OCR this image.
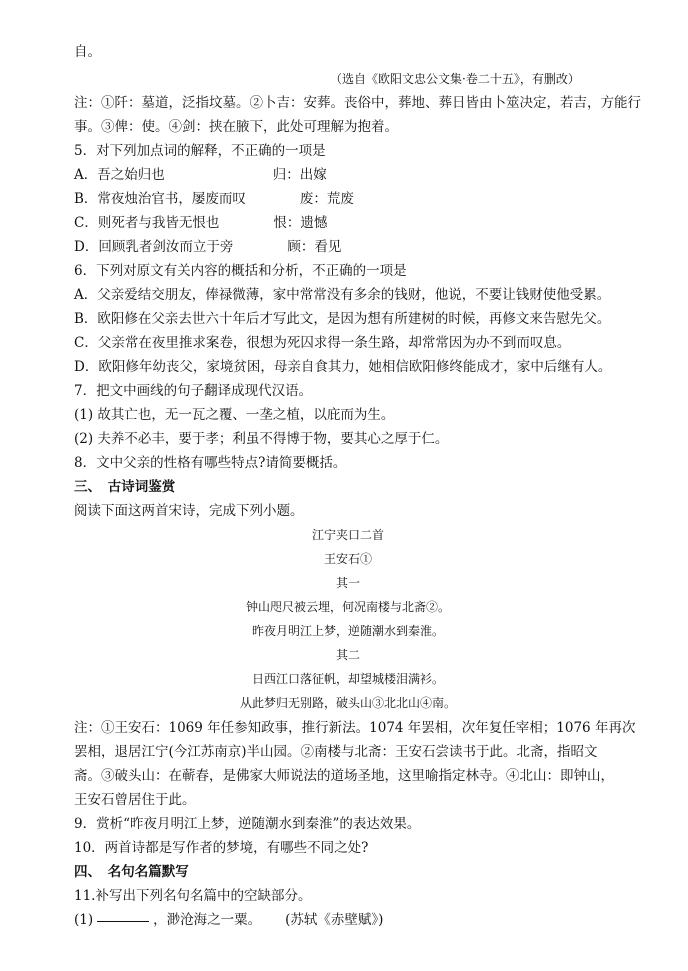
自。
（选自《欧阳文忠公文集·卷二十五》，有删改）
注：①阡：墓道，泛指坟墓。②卜吉：安葬。丧俗中，葬地、葬日皆由卜筮决定，若吉，方能行
事。③俾：使。④剑：挟在腋下，此处可理解为抱着。
5．对下列加点词的解释，不正确的一项是
A．吾之始归也　　　　　　　　归：出嫁
B．常夜烛治官书，屡废而叹　　　　废：荒废
C．则死者与我皆无恨也　　　　恨：遗憾
D．回顾乳者剑汝而立于旁　　　　顾：看见
6．下列对原文有关内容的概括和分析，不正确的一项是
A．父亲爱结交朋友，俸禄微薄，家中常常没有多余的钱财，他说，不要让钱财使他受累。
B．欧阳修在父亲去世六十年后才写此文，是因为想有所建树的时候，再修文来告慰先父。
C．父亲常在夜里推求案卷，很想为死囚求得一条生路，却常常因为办不到而叹息。
D．欧阳修年幼丧父，家境贫困，母亲自食其力，她相信欧阳修终能成才，家中后继有人。
7．把文中画线的句子翻译成现代汉语。
(1) 故其亡也，无一瓦之覆、一垄之植，以庇而为生。
(2) 夫养不必丰，要于孝；利虽不得博于物，要其心之厚于仁。
8．文中父亲的性格有哪些特点?请简要概括。
三、　古诗词鉴赏
阅读下面这两首宋诗，完成下列小题。
江宁夹口二首
王安石①
其一
钟山咫尺被云埋，何况南楼与北斋②。
昨夜月明江上梦，逆随潮水到秦淮。
其二
日西江口落征帆，却望城楼泪满衫。
从此梦归无别路，破头山③北北山④南。
注：①王安石：1069 年任参知政事，推行新法。1074 年罢相，次年复任宰相；1076 年再次
罢相，退居江宁(今江苏南京)半山园。②南楼与北斋：王安石尝读书于此。北斋，指昭文
斋。③破头山：在蕲春，是佛家大师说法的道场圣地，这里喻指定林寺。④北山：即钟山，
王安石曾居住于此。
9．赏析“昨夜月明江上梦，逆随潮水到秦淮”的表达效果。
10．两首诗都是写作者的梦境，有哪些不同之处?
四、　名句名篇默写
11.补写出下列名句名篇中的空缺部分。
(1)	，渺沧海之一粟。 (苏轼《赤壁赋》)
